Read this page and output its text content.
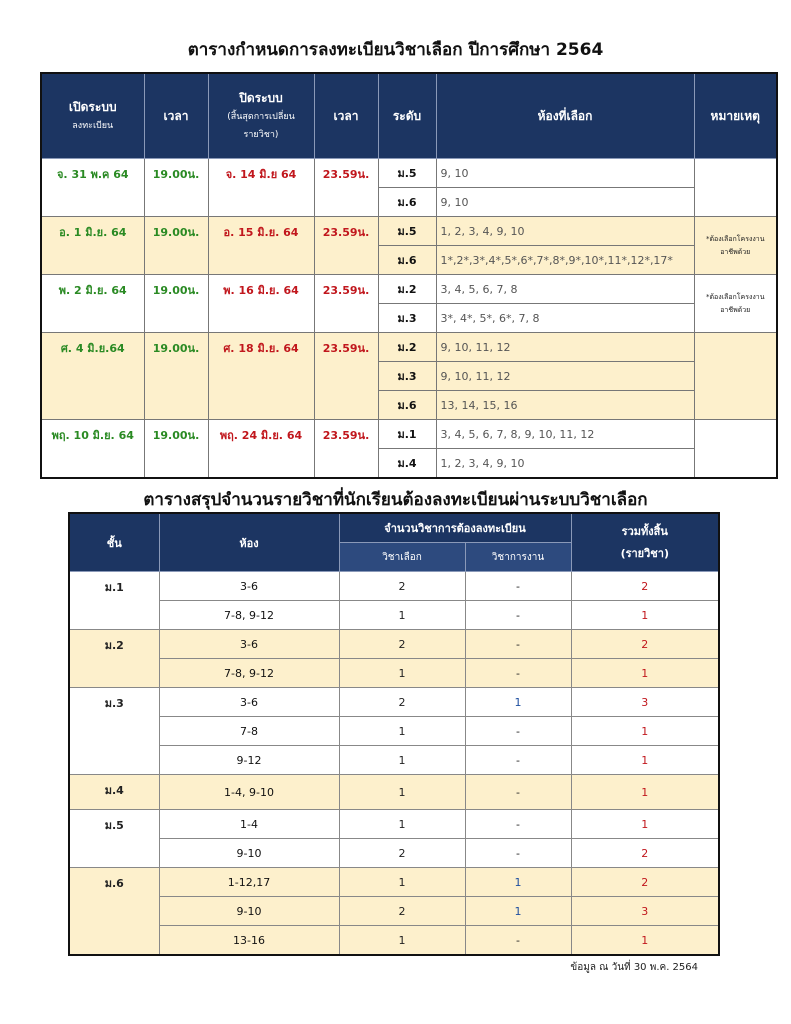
ตารางกำหนดการลงทะเบียนวิชาเลือก ปีการศึกษา 2564
เปิดระบบ
ลงทะเบียน	เวลา	ปิดระบบ
(สิ้นสุดการเปลี่ยน รายวิชา)	เวลา	ระดับ	ห้องที่เลือก	หมายเหตุ
จ. 31 พ.ค 64	19.00น.	จ. 14 มิ.ย 64	23.59น.	ม.5	9, 10	
				ม.6	9, 10	
อ. 1 มิ.ย. 64	19.00น.	อ. 15 มิ.ย. 64	23.59น.	ม.5	1, 2, 3, 4, 9, 10	*ต้องเลือกโครงงานอาชีพด้วย
				ม.6	1*,2*,3*,4*,5*,6*,7*,8*,9*,10*,11*,12*,17*	
พ. 2 มิ.ย. 64	19.00น.	พ. 16 มิ.ย. 64	23.59น.	ม.2	3, 4, 5, 6, 7, 8	*ต้องเลือกโครงงานอาชีพด้วย
				ม.3	3*, 4*, 5*, 6*, 7, 8	
ศ. 4 มิ.ย.64	19.00น.	ศ. 18 มิ.ย. 64	23.59น.	ม.2	9, 10, 11, 12	
				ม.3	9, 10, 11, 12	
				ม.6	13, 14, 15, 16	
พฤ. 10 มิ.ย. 64	19.00น.	พฤ. 24 มิ.ย. 64	23.59น.	ม.1	3, 4, 5, 6, 7, 8, 9, 10, 11, 12	
				ม.4	1, 2, 3, 4, 9, 10	
ตารางสรุปจำนวนรายวิชาที่นักเรียนต้องลงทะเบียนผ่านระบบวิชาเลือก
ชั้น	ห้อง	จำนวนวิชาการต้องลงทะเบียน		รวมทั้งสิ้น
(รายวิชา)
		วิชาเลือก	วิชาการงาน	
ม.1	3-6	2	-	2
	7-8, 9-12	1	-	1
ม.2	3-6	2	-	2
	7-8, 9-12	1	-	1
ม.3	3-6	2	1	3
	7-8	1	-	1
	9-12	1	-	1
ม.4	1-4, 9-10	1	-	1
ม.5	1-4	1	-	1
	9-10	2	-	2
ม.6	1-12,17	1	1	2
	9-10	2	1	3
	13-16	1	-	1
ข้อมูล ณ วันที่ 30 พ.ค. 2564
